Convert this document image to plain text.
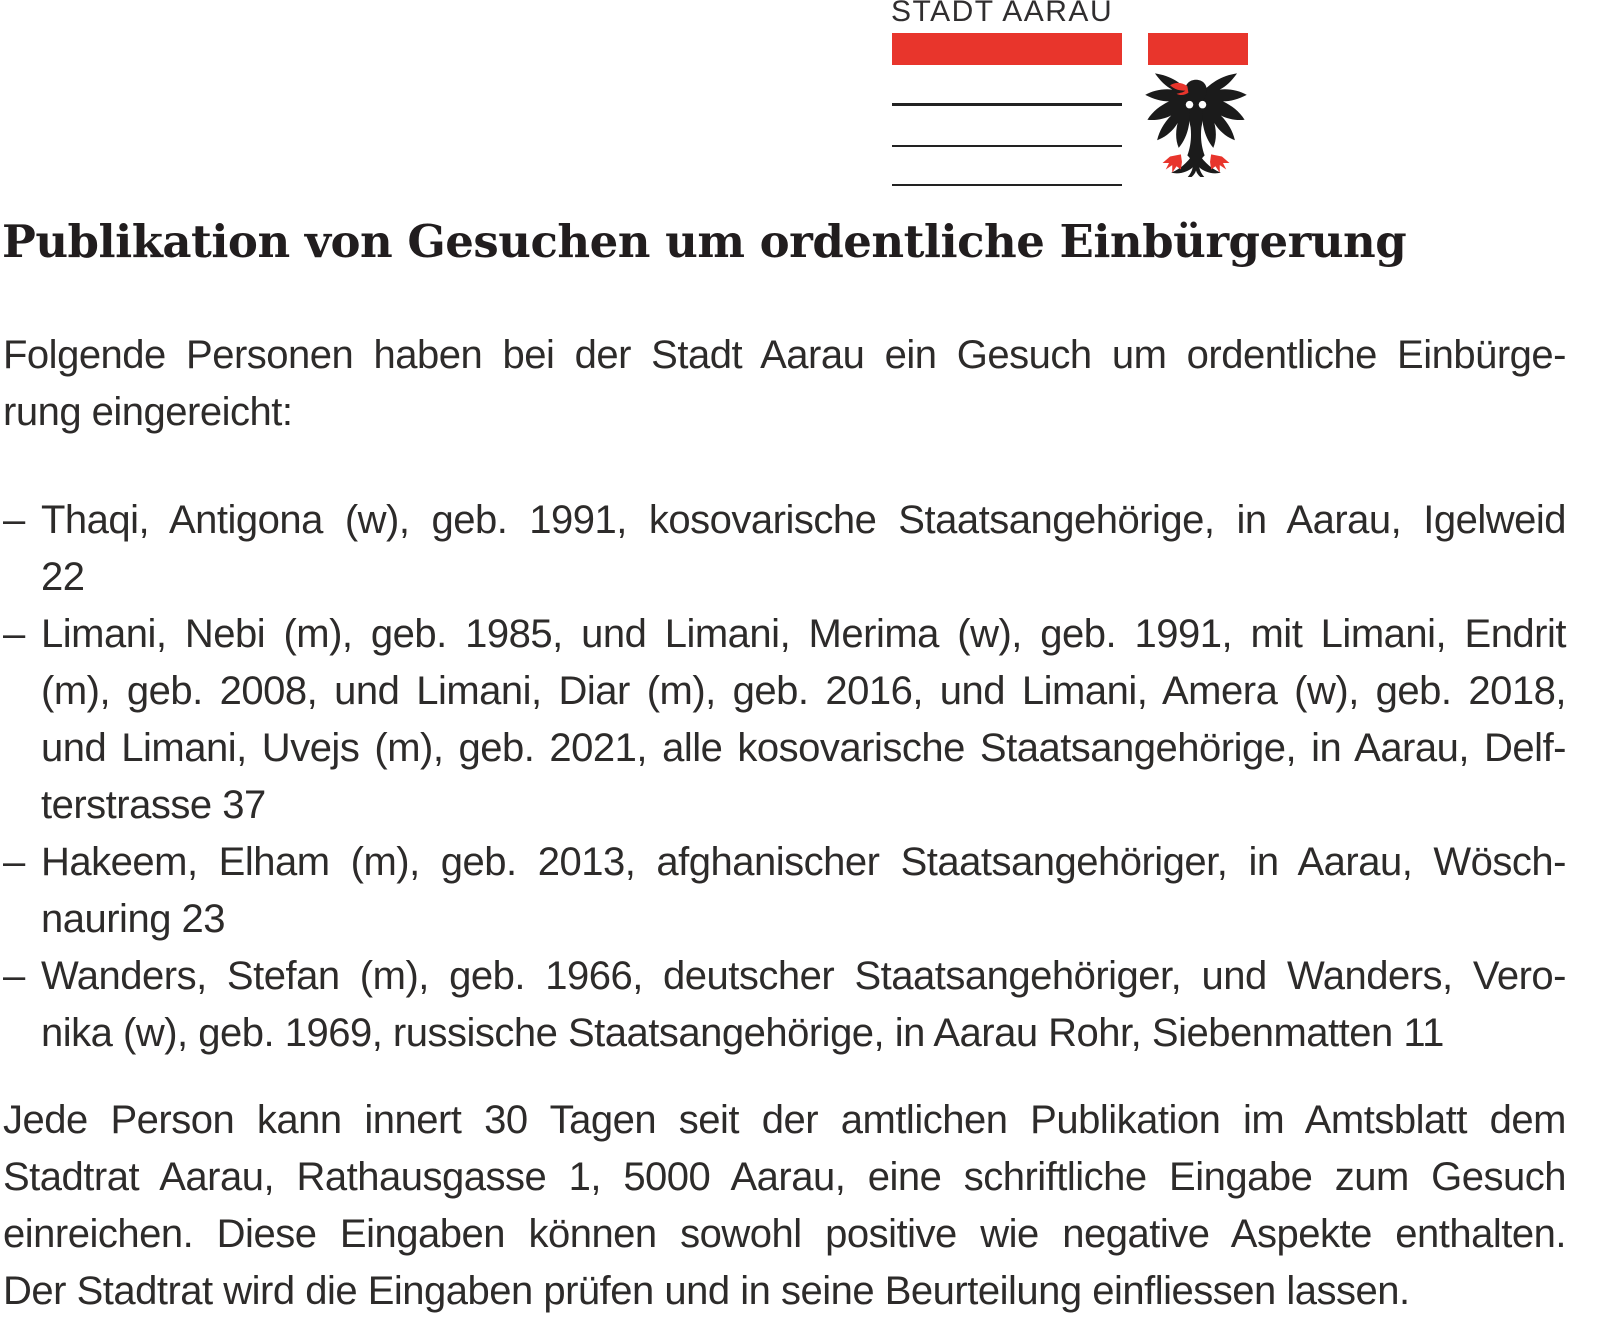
STADT AARAU
Publikation von Gesuchen um ordentliche Einbürgerung
Folgende Personen haben bei der Stadt Aarau ein Gesuch um ordentliche Einbürge-
rung eingereicht:
– Thaqi, Antigona (w), geb. 1991, kosovarische Staatsangehörige, in Aarau, Igelweid
22
– Limani, Nebi (m), geb. 1985, und Limani, Merima (w), geb. 1991, mit Limani, Endrit
(m), geb. 2008, und Limani, Diar (m), geb. 2016, und Limani, Amera (w), geb. 2018,
und Limani, Uvejs (m), geb. 2021, alle kosovarische Staatsangehörige, in Aarau, Delf-
terstrasse 37
– Hakeem, Elham (m), geb. 2013, afghanischer Staatsangehöriger, in Aarau, Wösch-
nauring 23
– Wanders, Stefan (m), geb. 1966, deutscher Staatsangehöriger, und Wanders, Vero-
nika (w), geb. 1969, russische Staatsangehörige, in Aarau Rohr, Siebenmatten 11
Jede Person kann innert 30 Tagen seit der amtlichen Publikation im Amtsblatt dem
Stadtrat Aarau, Rathausgasse 1, 5000 Aarau, eine schriftliche Eingabe zum Gesuch
einreichen. Diese Eingaben können sowohl positive wie negative Aspekte enthalten.
Der Stadtrat wird die Eingaben prüfen und in seine Beurteilung einfliessen lassen.
